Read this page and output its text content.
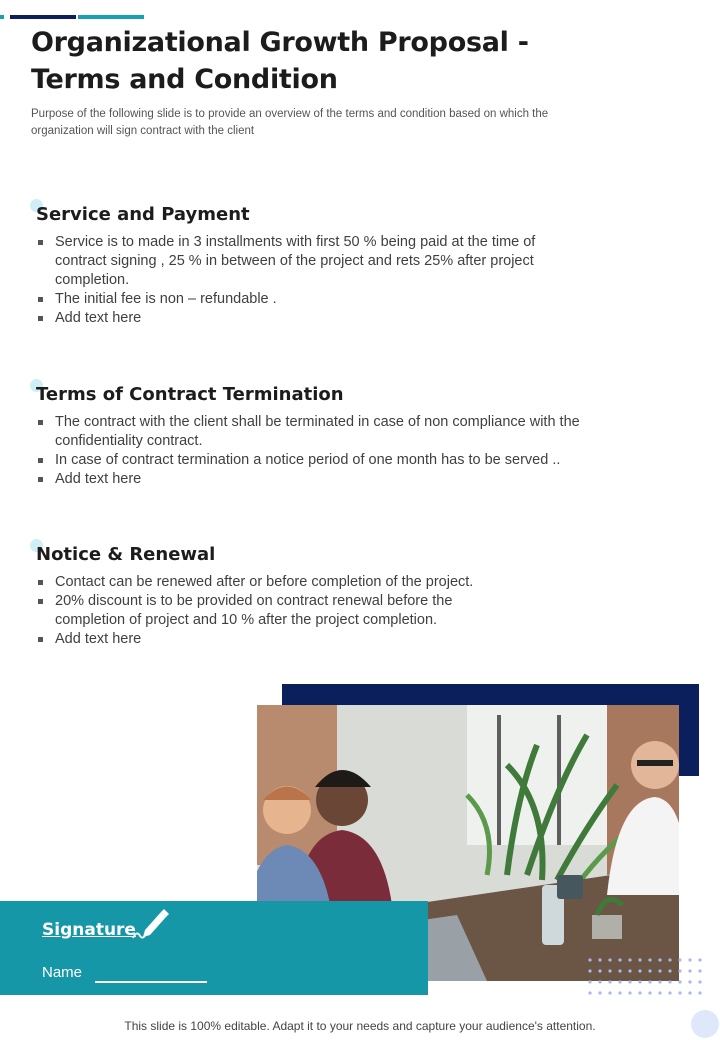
Organizational Growth Proposal - Terms and Condition

Purpose of the following slide is to provide an overview of the terms and condition based on which the organization will sign contract with the client

Service and Payment
Service is to made in 3 installments with first 50 % being paid at the time of contract signing , 25 % in between of the project and rets 25% after project completion.
The initial fee is non – refundable .
Add text here
Terms of Contract Termination
The contract with the client shall be terminated in case of non compliance with the confidentiality contract.
In case of contract termination a notice period of one month has to be served ..
Add text here
Notice & Renewal
Contact can be renewed after or before completion of the project.
20% discount is to be provided on contract renewal before the completion of project and 10 % after the project completion.
Add text here

Signature

Name

This slide is 100% editable. Adapt it to your needs and capture your audience's attention.
